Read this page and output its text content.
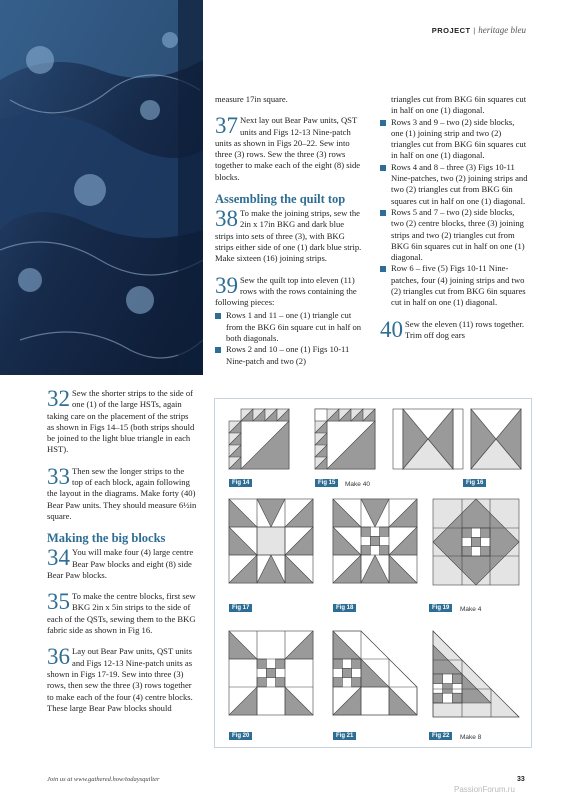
PROJECT | heritage bleu
32 Sew the shorter strips to the side of one (1) of the large HSTs, again taking care on the placement of the strips as shown in Figs 14–15 (both strips should be joined to the light blue triangle in each HST).
33 Then sew the longer strips to the top of each block, again following the layout in the diagrams. Make forty (40) Bear Paw units. They should measure 6½in square.
Making the big blocks
34 You will make four (4) large centre Bear Paw blocks and eight (8) side Bear Paw blocks.
35 To make the centre blocks, first sew BKG 2in x 5in strips to the side of each of the QSTs, sewing them to the BKG fabric side as shown in Fig 16.
36 Lay out Bear Paw units, QST units and Figs 12-13 Nine-patch units as shown in Figs 17-19. Sew into three (3) rows, then sew the three (3) rows together to make each of the four (4) centre blocks. These large Bear Paw blocks should
measure 17in square.
37 Next lay out Bear Paw units, QST units and Figs 12-13 Nine-patch units as shown in Figs 20–22. Sew into three (3) rows. Sew the three (3) rows together to make each of the eight (8) side blocks.
Assembling the quilt top
38 To make the joining strips, sew the 2in x 17in BKG and dark blue strips into sets of three (3), with BKG strips either side of one (1) dark blue strip. Make sixteen (16) joining strips.
39 Sew the quilt top into eleven (11) rows with the rows containing the following pieces:
Rows 1 and 11 – one (1) triangle cut from the BKG 6in square cut in half on both diagonals.
Rows 2 and 10 – one (1) Figs 10-11 Nine-patch and two (2)
triangles cut from BKG 6in squares cut in half on one (1) diagonal.
Rows 3 and 9 – two (2) side blocks, one (1) joining strip and two (2) triangles cut from BKG 6in squares cut in half on one (1) diagonal.
Rows 4 and 8 – three (3) Figs 10-11 Nine-patches, two (2) joining strips and two (2) triangles cut from BKG 6in squares cut in half on one (1) diagonal.
Rows 5 and 7 – two (2) side blocks, two (2) centre blocks, three (3) joining strips and two (2) triangles cut from BKG 6in squares cut in half on one (1) diagonal.
Row 6 – five (5) Figs 10-11 Nine-patches, four (4) joining strips and two (2) triangles cut from BKG 6in squares cut in half on one (1) diagonal.
40 Sew the eleven (11) rows together. Trim off dog ears
Fig 14	Fig 15	Make 40	Fig 16
Fig 17	Fig 18	Fig 19	Make 4
Fig 20	Fig 21	Fig 22	Make 8
Join us at www.gathered.how/todaysquilter	33
PassionForum.ru
